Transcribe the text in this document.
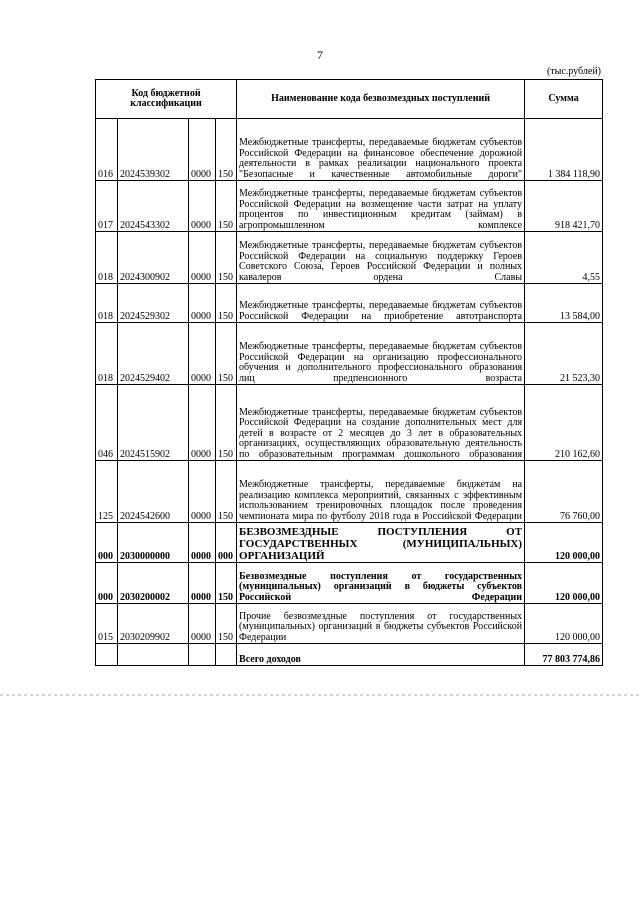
7
(тыс.рублей)
Код бюджетной классификации				Наименование кода безвозмездных поступлений	Сумма
016	2024539302	0000	150	Межбюджетные трансферты, передаваемые бюджетам субъектов Российской Федерации на финансовое обеспечение дорожной деятельности в рамках реализации национального проекта "Безопасные и качественные автомобильные дороги"	1 384 118,90
017	2024543302	0000	150	Межбюджетные трансферты, передаваемые бюджетам субъектов Российской Федерации на возмещение части затрат на уплату процентов по инвестиционным кредитам (займам) в агропромышленном комплексе	918 421,70
018	2024300902	0000	150	Межбюджетные трансферты, передаваемые бюджетам субъектов Российской Федерации на социальную поддержку Героев Советского Союза, Героев Российской Федерации и полных кавалеров ордена Славы	4,55
018	2024529302	0000	150	Межбюджетные трансферты, передаваемые бюджетам субъектов Российской Федерации на приобретение автотранспорта	13 584,00
018	2024529402	0000	150	Межбюджетные трансферты, передаваемые бюджетам субъектов Российской Федерации на организацию профессионального обучения и дополнительного профессионального образования лиц предпенсионного возраста	21 523,30
046	2024515902	0000	150	Межбюджетные трансферты, передаваемые бюджетам субъектов Российской Федерации на создание дополнительных мест для детей в возрасте от 2 месяцев до 3 лет в образовательных организациях, осуществляющих образовательную деятельность по образовательным программам дошкольного образования	210 162,60
125	2024542600	0000	150	Межбюджетные трансферты, передаваемые бюджетам на реализацию комплекса мероприятий, связанных с эффективным использованием тренировочных площадок после проведения чемпионата мира по футболу 2018 года в Российской Федерации	76 760,00
000	2030000000	0000	000	БЕЗВОЗМЕЗДНЫЕ ПОСТУПЛЕНИЯ ОТ ГОСУДАРСТВЕННЫХ (МУНИЦИПАЛЬНЫХ) ОРГАНИЗАЦИЙ	120 000,00
000	2030200002	0000	150	Безвозмездные поступления от государственных (муниципальных) организаций в бюджеты субъектов Российской Федерации	120 000,00
015	2030209902	0000	150	Прочие безвозмездные поступления от государственных (муниципальных) организаций в бюджеты субъектов Российской Федерации	120 000,00
				Всего доходов	77 803 774,86
